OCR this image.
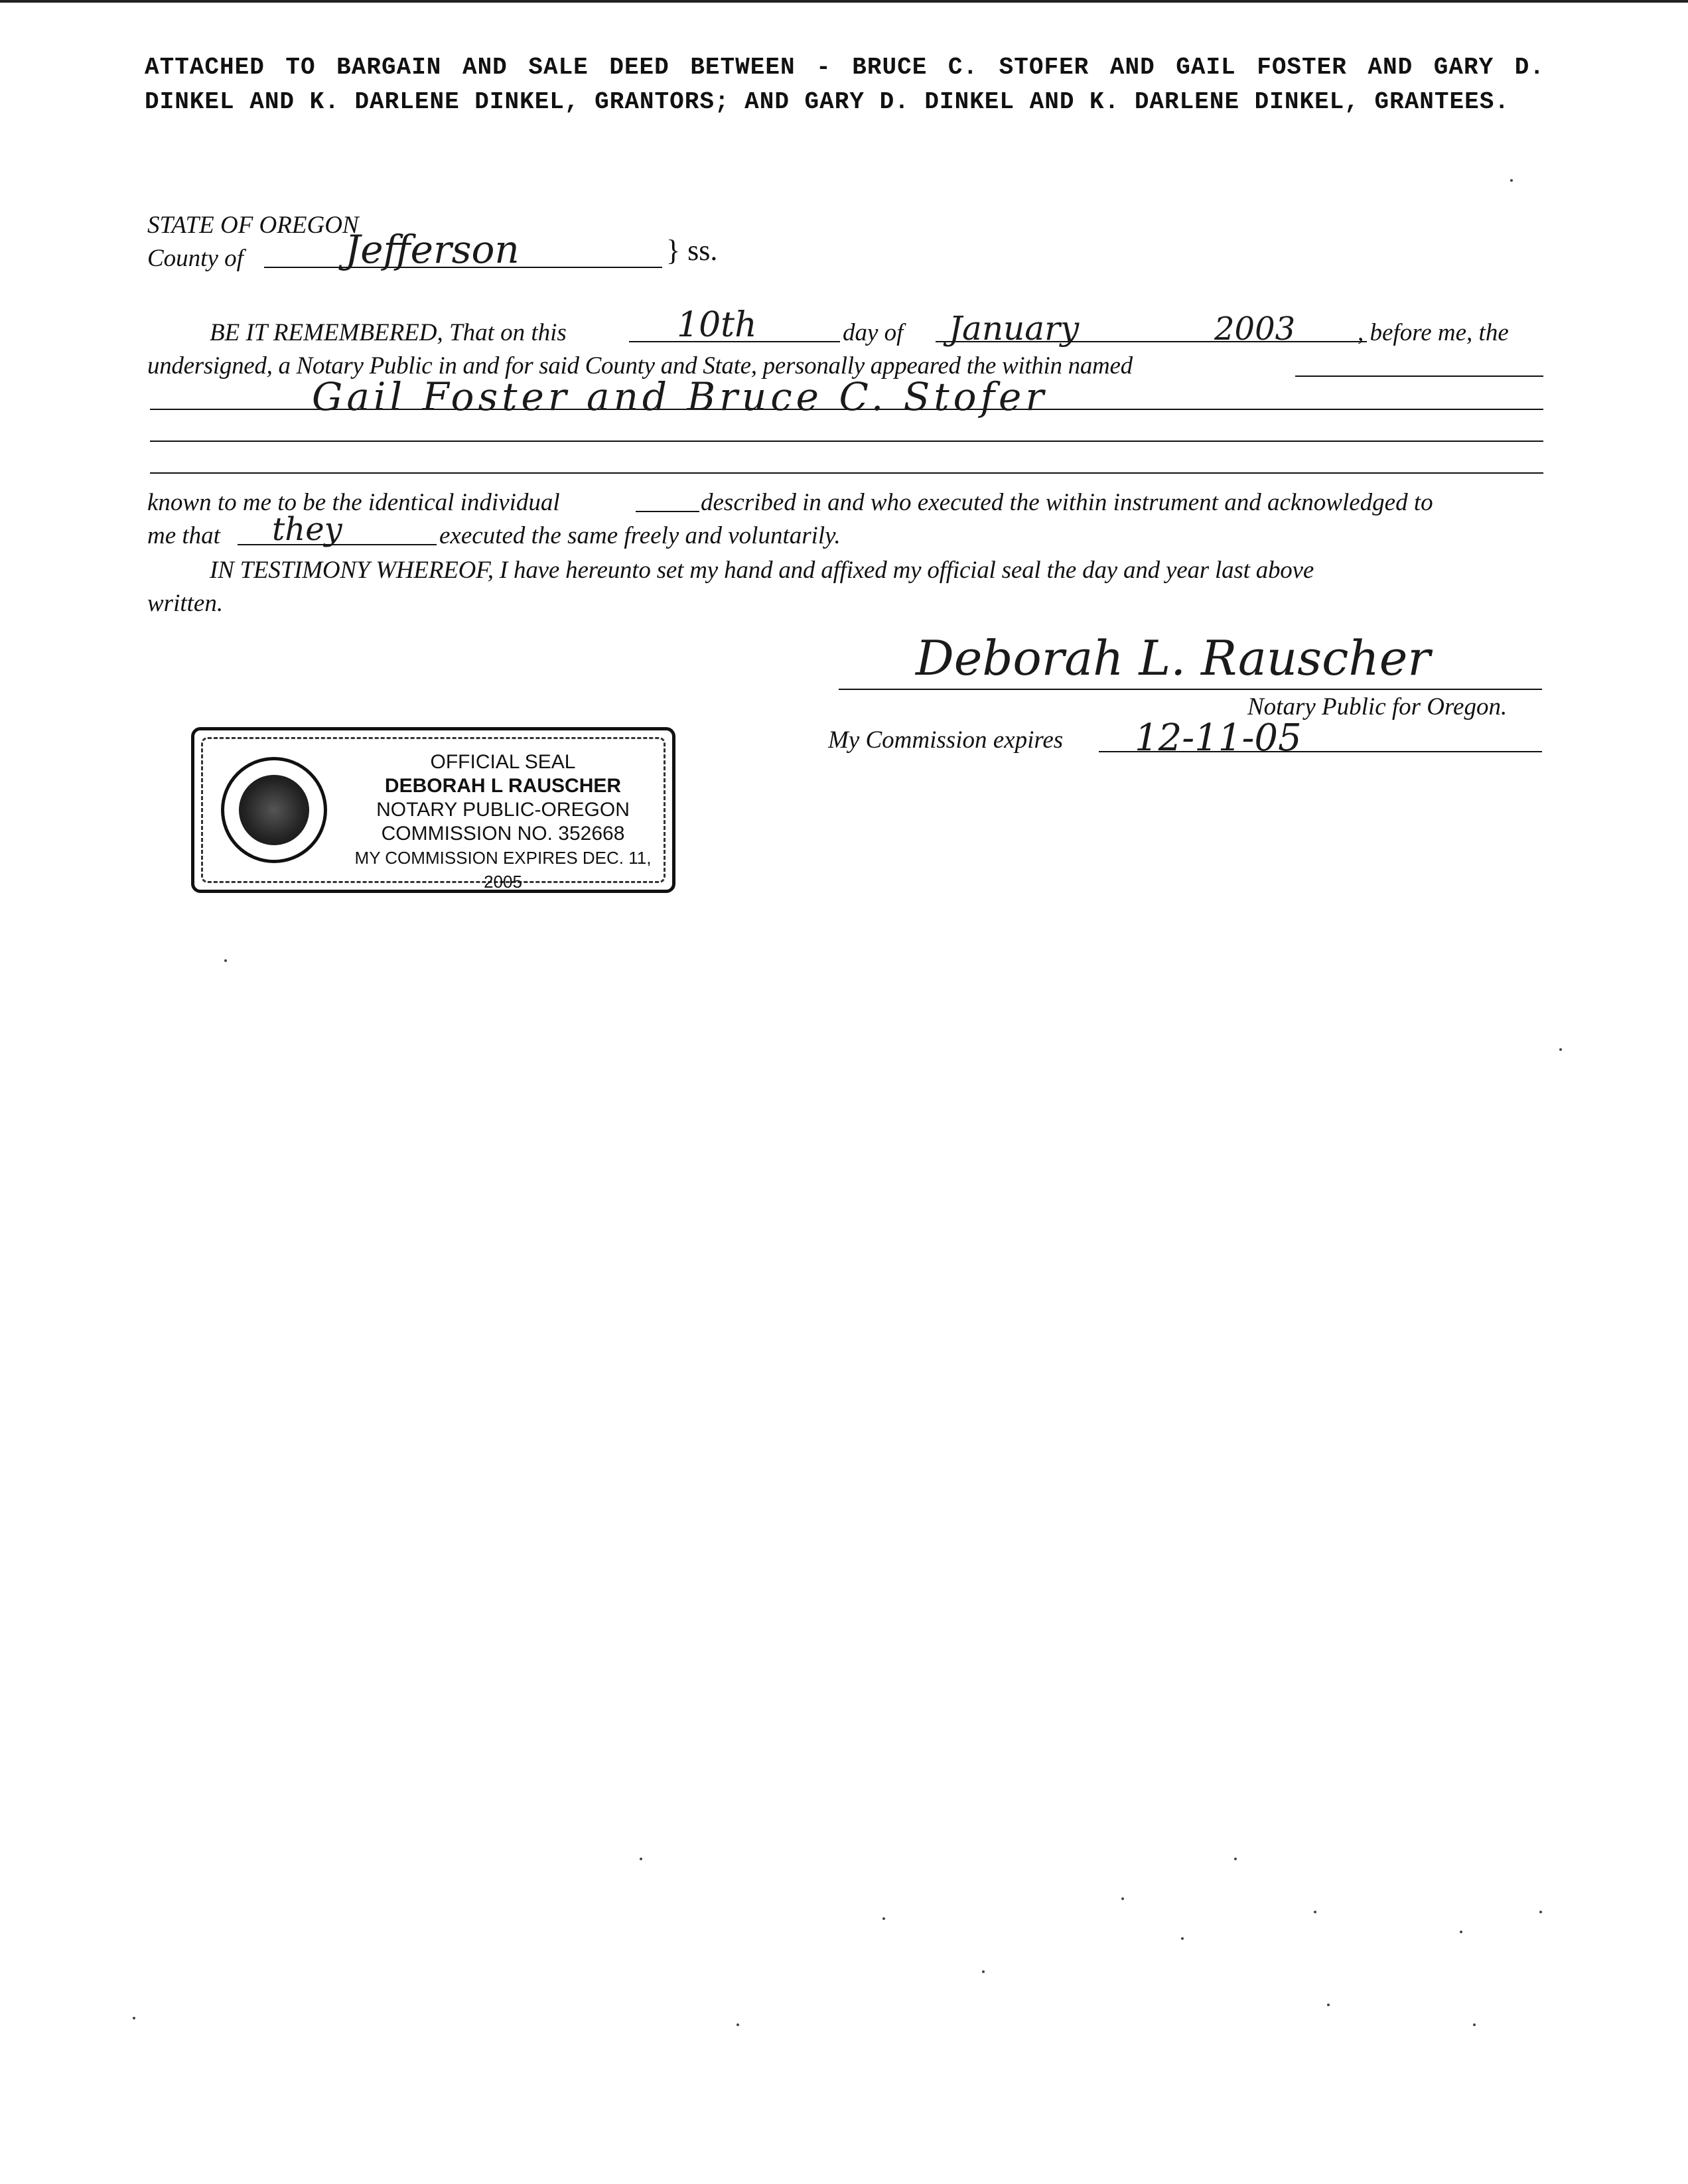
ATTACHED TO BARGAIN AND SALE DEED BETWEEN - BRUCE C. STOFER AND GAIL FOSTER AND GARY D. DINKEL AND K. DARLENE DINKEL, GRANTORS; AND GARY D. DINKEL AND K. DARLENE DINKEL, GRANTEES.
STATE OF OREGON
County of	Jefferson	} ss.
BE IT REMEMBERED, That on this	10th	day of January	2003	, before me, the
undersigned, a Notary Public in and for said County and State, personally appeared the within named
Gail Foster and Bruce C. Stofer
known to me to be the identical individual	described in and who executed the within instrument and acknowledged to
me that they	executed the same freely and voluntarily.
IN TESTIMONY WHEREOF, I have hereunto set my hand and affixed my official seal the day and year last above
written.
Deborah L. Rauscher
Notary Public for Oregon.
My Commission expires 12-11-05
OFFICIAL SEAL
DEBORAH L RAUSCHER
NOTARY PUBLIC-OREGON
COMMISSION NO. 352668
MY COMMISSION EXPIRES DEC. 11, 2005
